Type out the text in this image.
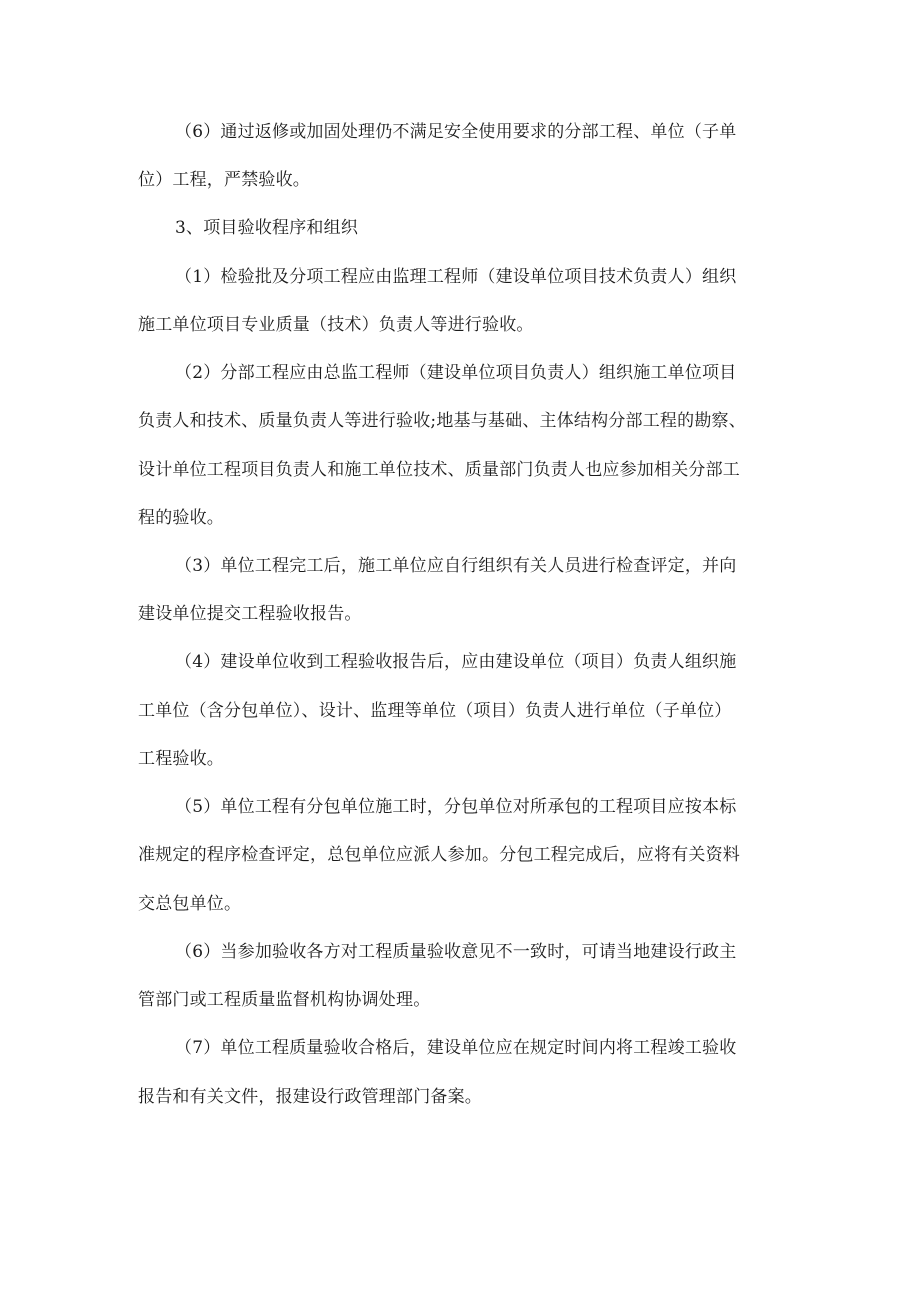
（6）通过返修或加固处理仍不满足安全使用要求的分部工程、单位（子单

位）工程，严禁验收。

3、项目验收程序和组织

（1）检验批及分项工程应由监理工程师（建设单位项目技术负责人）组织

施工单位项目专业质量（技术）负责人等进行验收。

（2）分部工程应由总监工程师（建设单位项目负责人）组织施工单位项目

负责人和技术、质量负责人等进行验收;地基与基础、主体结构分部工程的勘察、

设计单位工程项目负责人和施工单位技术、质量部门负责人也应参加相关分部工

程的验收。

（3）单位工程完工后，施工单位应自行组织有关人员进行检查评定，并向

建设单位提交工程验收报告。

（4）建设单位收到工程验收报告后，应由建设单位（项目）负责人组织施

工单位（含分包单位）、设计、监理等单位（项目）负责人进行单位（子单位）

工程验收。

（5）单位工程有分包单位施工时，分包单位对所承包的工程项目应按本标

准规定的程序检查评定，总包单位应派人参加。分包工程完成后，应将有关资料

交总包单位。

（6）当参加验收各方对工程质量验收意见不一致时，可请当地建设行政主

管部门或工程质量监督机构协调处理。

（7）单位工程质量验收合格后，建设单位应在规定时间内将工程竣工验收

报告和有关文件，报建设行政管理部门备案。
